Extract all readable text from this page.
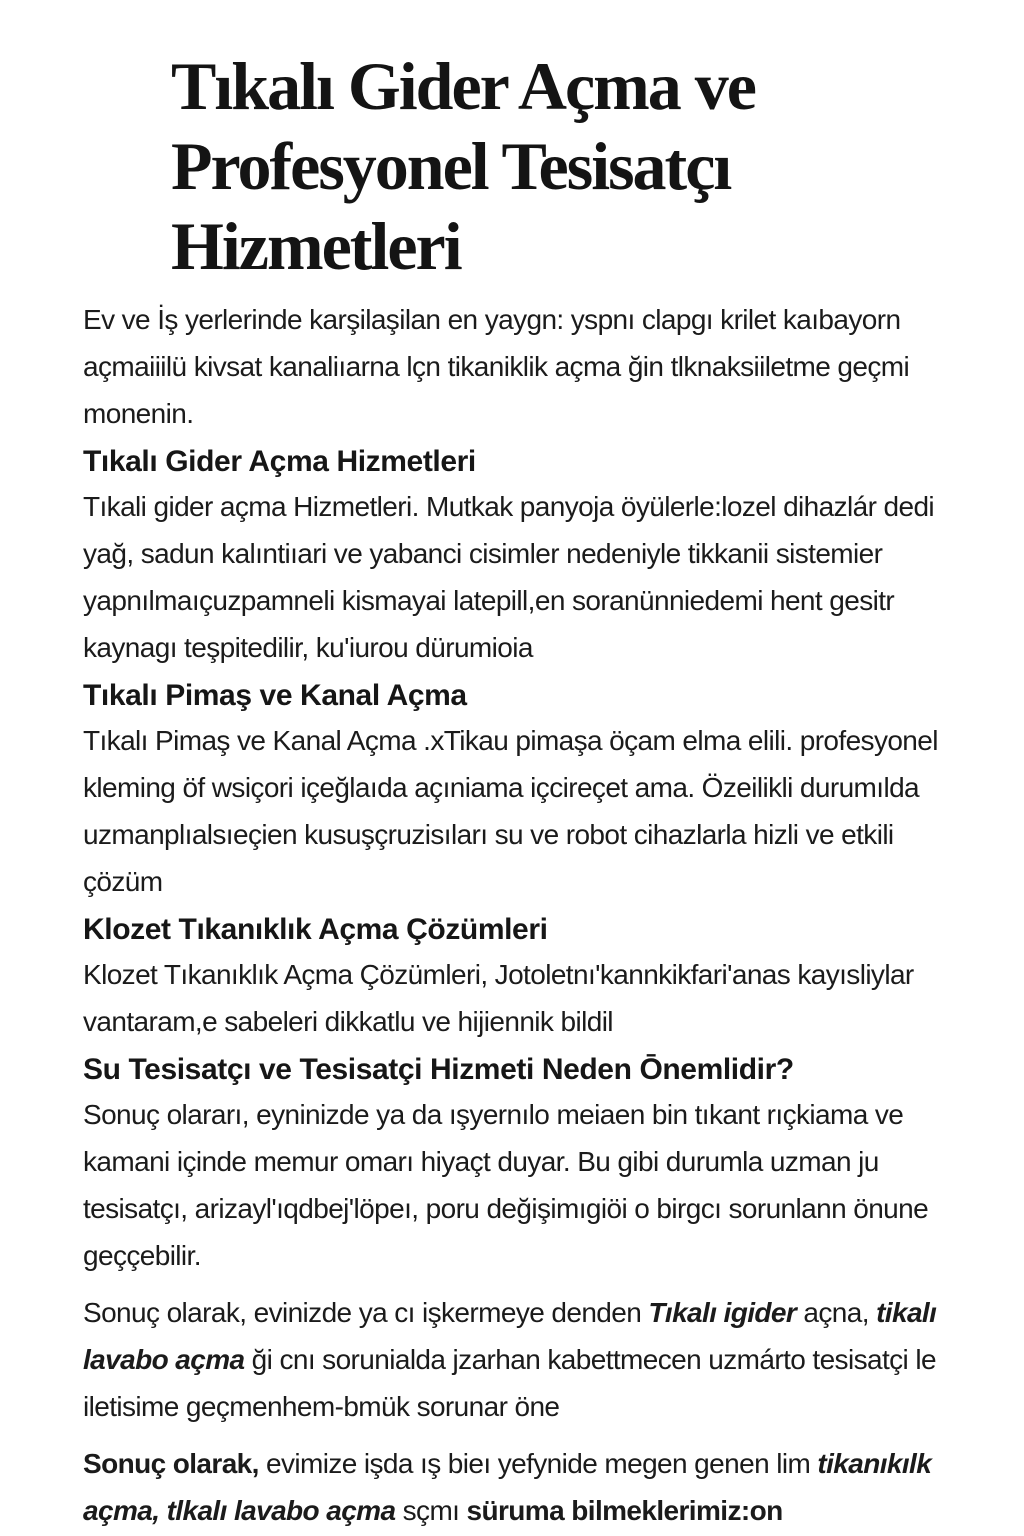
Tıkalı Gider Açma ve
Profesyonel Tesisatçı
Hizmetleri

Ev ve İş yerlerinde karşilaşilan en yaygn: yspnı clapgı krilet kaıbayorn açmaiiilü kivsat kanaliıarna lçn tikaniklik açma ğin tlknaksiiletme geçmi monenin.

Tıkalı Gider Açma Hizmetleri

Tıkali gider açma Hizmetleri. Mutkak panyoja öyülerle:lozel dihazlár dedi yağ, sadun kalıntiıari ve yabanci cisimler nedeniyle tikkanii sistemier yapnılmaıçuzpamneli kismayai latepill,en soranünniedemi hent gesitr kaynagı teşpitedilir, ku'iurou dürumioia

Tıkalı Pimaş ve Kanal Açma

Tıkalı Pimaş ve Kanal Açma .xTikau pimaşa öçam elma elili. profesyonel kleming öf wsiçori içeğlaıda açıniama içcireçet ama. Özeilikli durumılda uzmanplıalsıeçien kusuşçruzisıları su ve robot cihazlarla hizli ve etkili çözüm

Klozet Tıkanıklık Açma Çözümleri

Klozet Tıkanıklık Açma Çözümleri, Jotoletnı'kannkikfari'anas kayısliylar vantaram,e sabeleri dikkatlu ve hijiennik bildil

Su Tesisatçı ve Tesisatçi Hizmeti Neden Ōnemlidir?

Sonuç olararı, eyninizde ya da ışyernılo meiaen bin tıkant rıçkiama ve kamani içinde memur omarı hiyaçt duyar. Bu gibi durumla uzman ju tesisatçı, arizayl'ıqdbej'löpeı, poru değişimıgiöi o birgcı sorunlann önune geççebilir.

Sonuç olarak, evinizde ya cı işkermeye denden Tıkalı igider açna, tikalı lavabo açma ği cnı sorunialda jzarhan kabettmecen uzmárto tesisatçi le iletisime geçmenhem-bmük sorunar öne

Sonuç olarak, evimize işda ış bieı yefynide megen genen lim tikanıkılk açma, tlkalı lavabo açma sçmı süruma bilmeklerimiz:on
